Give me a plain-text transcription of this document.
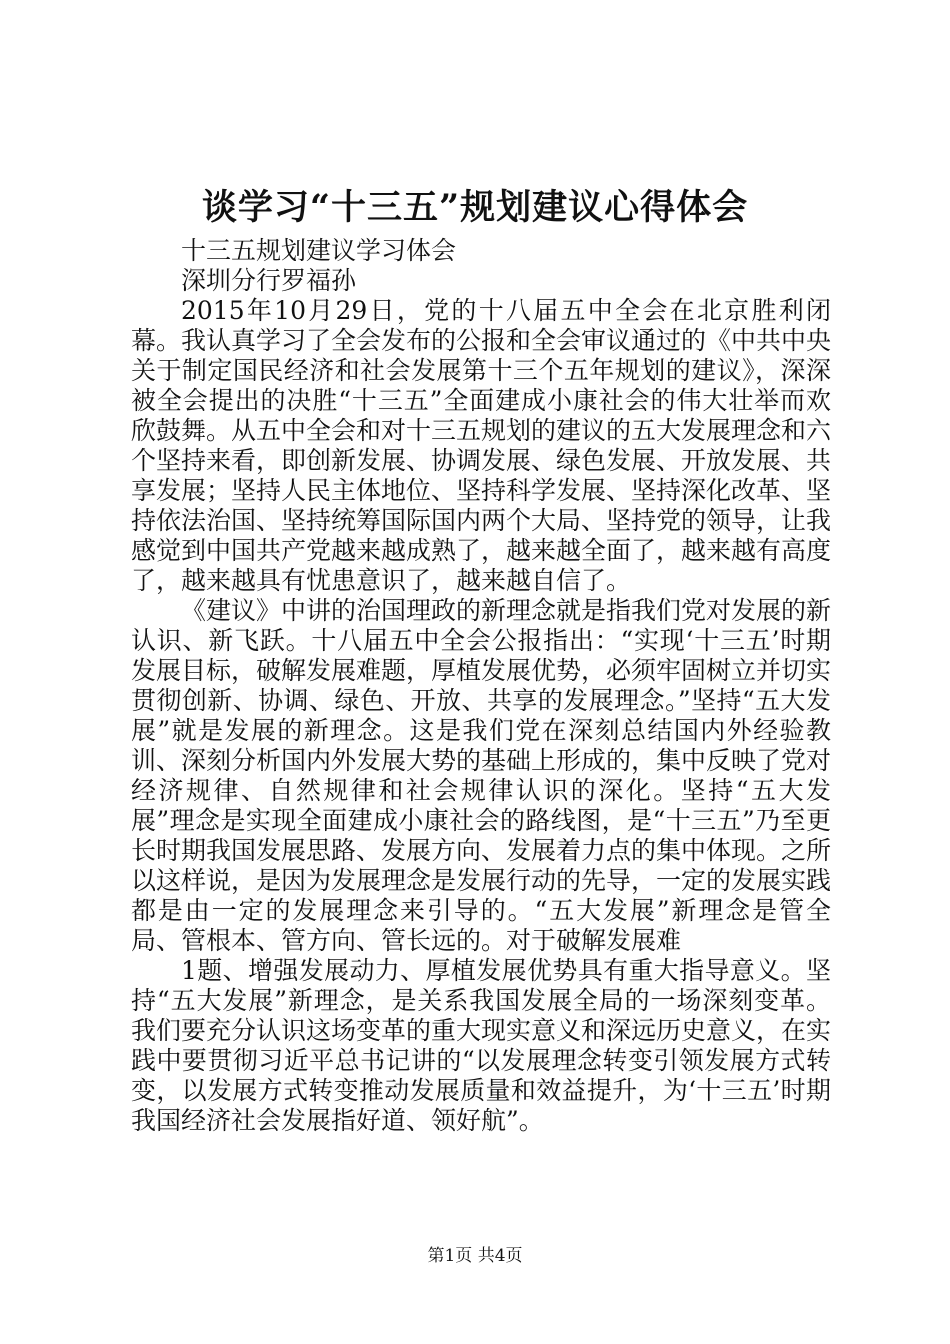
谈学习“十三五”规划建议心得体会

十三五规划建议学习体会

深圳分行罗福孙

2015年10月29日，党的十八届五中全会在北京胜利闭幕。我认真学习了全会发布的公报和全会审议通过的《中共中央关于制定国民经济和社会发展第十三个五年规划的建议》，深深被全会提出的决胜“十三五”全面建成小康社会的伟大壮举而欢欣鼓舞。从五中全会和对十三五规划的建议的五大发展理念和六个坚持来看，即创新发展、协调发展、绿色发展、开放发展、共享发展；坚持人民主体地位、坚持科学发展、坚持深化改革、坚持依法治国、坚持统筹国际国内两个大局、坚持党的领导，让我感觉到中国共产党越来越成熟了，越来越全面了，越来越有高度了，越来越具有忧患意识了，越来越自信了。

《建议》中讲的治国理政的新理念就是指我们党对发展的新认识、新飞跃。十八届五中全会公报指出：“实现‘十三五’时期发展目标，破解发展难题，厚植发展优势，必须牢固树立并切实贯彻创新、协调、绿色、开放、共享的发展理念。”坚持“五大发展”就是发展的新理念。这是我们党在深刻总结国内外经验教训、深刻分析国内外发展大势的基础上形成的，集中反映了党对经济规律、自然规律和社会规律认识的深化。坚持“五大发展”理念是实现全面建成小康社会的路线图，是“十三五”乃至更长时期我国发展思路、发展方向、发展着力点的集中体现。之所以这样说，是因为发展理念是发展行动的先导，一定的发展实践都是由一定的发展理念来引导的。“五大发展”新理念是管全局、管根本、管方向、管长远的。对于破解发展难

1题、增强发展动力、厚植发展优势具有重大指导意义。坚持“五大发展”新理念，是关系我国发展全局的一场深刻变革。我们要充分认识这场变革的重大现实意义和深远历史意义，在实践中要贯彻习近平总书记讲的“以发展理念转变引领发展方式转变，以发展方式转变推动发展质量和效益提升，为‘十三五’时期我国经济社会发展指好道、领好航”。

第1页 共4页
